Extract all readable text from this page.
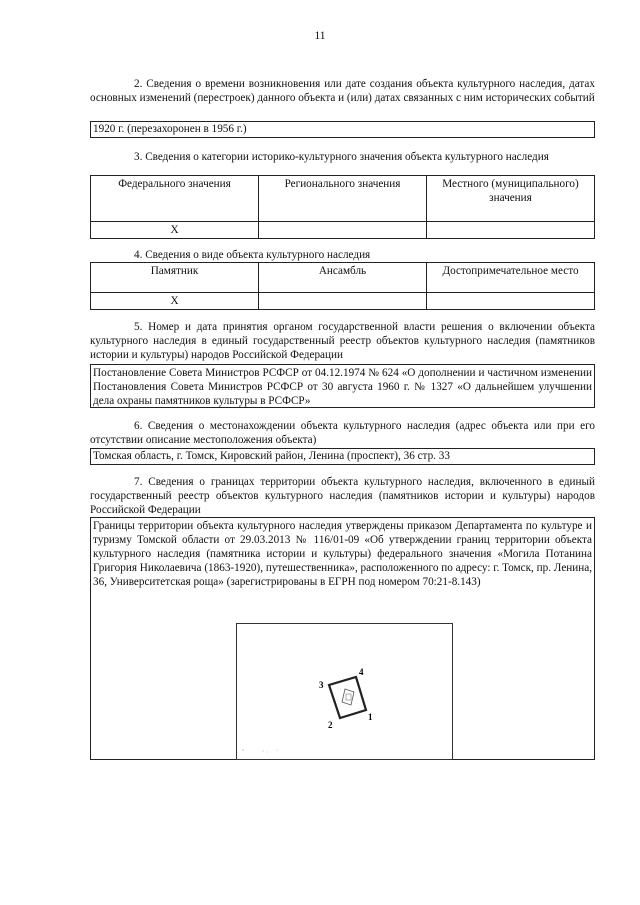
11
2. Сведения о времени возникновения или дате создания объекта культурного наследия, датах основных изменений (перестроек) данного объекта и (или) датах связанных с ним исторических событий
1920 г. (перезахоронен в 1956 г.)
3. Сведения о категории историко-культурного значения объекта культурного наследия
Федерального значения	Регионального значения	Местного (муниципального) значения
Х		
4. Сведения о виде объекта культурного наследия
Памятник	Ансамбль	Достопримечательное место
Х		
5. Номер и дата принятия органом государственной власти решения о включении объекта культурного наследия в единый государственный реестр объектов культурного наследия (памятников истории и культуры) народов Российской Федерации
Постановление Совета Министров РСФСР от 04.12.1974 № 624 «О дополнении и частичном изменении Постановления Совета Министров РСФСР от 30 августа 1960 г. № 1327 «О дальнейшем улучшении дела охраны памятников культуры в РСФСР»
6. Сведения о местонахождении объекта культурного наследия (адрес объекта или при его отсутствии описание местоположения объекта)
Томская область, г. Томск, Кировский район, Ленина (проспект), 36 стр. 33
7. Сведения о границах территории объекта культурного наследия, включенного в единый государственный реестр объектов культурного наследия (памятников истории и культуры) народов Российской Федерации
Границы территории объекта культурного наследия утверждены приказом Департамента по культуре и туризму Томской области от 29.03.2013 № 116/01-09 «Об утверждении границ территории объекта культурного наследия (памятника истории и культуры) федерального значения «Могила Потанина Григория Николаевича (1863-1920), путешественника», расположенного по адресу: г. Томск, пр. Ленина, 36, Университетская роща» (зарегистрированы в ЕГРН под номером 70:21-8.143)
4
1
2
3
